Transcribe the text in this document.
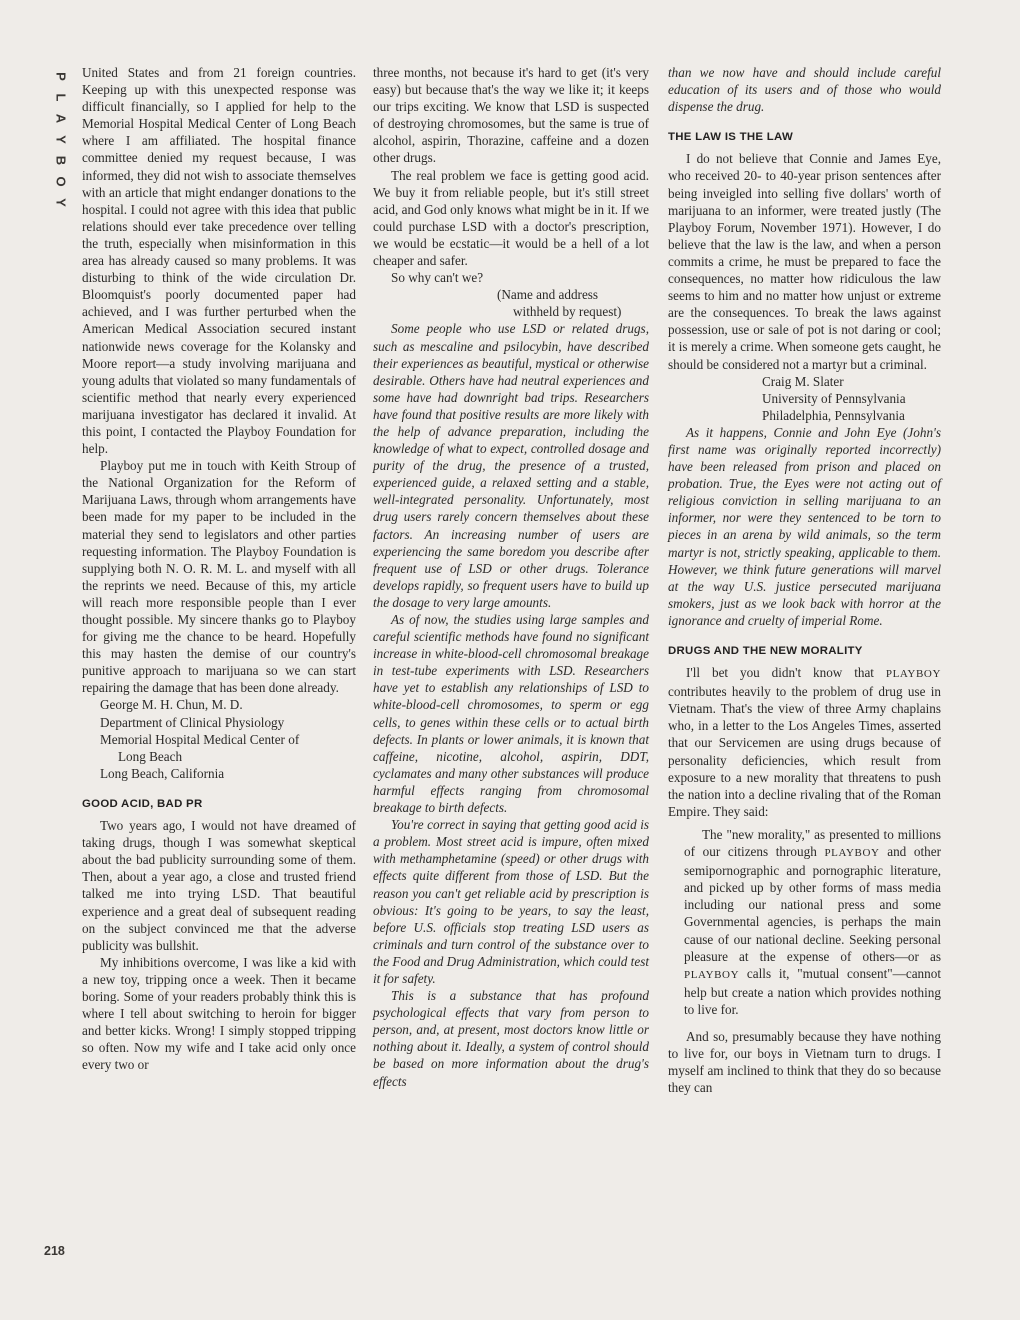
P
L
A
Y
B
O
Y
218

United States and from 21 foreign countries. Keeping up with this unexpected response was difficult financially, so I applied for help to the Memorial Hospital Medical Center of Long Beach where I am affiliated. The hospital finance committee denied my request because, I was informed, they did not wish to associate themselves with an article that might endanger donations to the hospital. I could not agree with this idea that public relations should ever take precedence over telling the truth, especially when misinformation in this area has already caused so many problems. It was disturbing to think of the wide circulation Dr. Bloomquist's poorly documented paper had achieved, and I was further perturbed when the American Medical Association secured instant nationwide news coverage for the Kolansky and Moore report—a study involving marijuana and young adults that violated so many fundamentals of scientific method that nearly every experienced marijuana investigator has declared it invalid. At this point, I contacted the Playboy Foundation for help.

Playboy put me in touch with Keith Stroup of the National Organization for the Reform of Marijuana Laws, through whom arrangements have been made for my paper to be included in the material they send to legislators and other parties requesting information. The Playboy Foundation is supplying both N. O. R. M. L. and myself with all the reprints we need. Because of this, my article will reach more responsible people than I ever thought possible. My sincere thanks go to Playboy for giving me the chance to be heard. Hopefully this may hasten the demise of our country's punitive approach to marijuana so we can start repairing the damage that has been done already.

George M. H. Chun, M. D.
Department of Clinical Physiology
Memorial Hospital Medical Center of
Long Beach
Long Beach, California
GOOD ACID, BAD PR

Two years ago, I would not have dreamed of taking drugs, though I was somewhat skeptical about the bad publicity surrounding some of them. Then, about a year ago, a close and trusted friend talked me into trying LSD. That beautiful experience and a great deal of subsequent reading on the subject convinced me that the adverse publicity was bullshit.

My inhibitions overcome, I was like a kid with a new toy, tripping once a week. Then it became boring. Some of your readers probably think this is where I tell about switching to heroin for bigger and better kicks. Wrong! I simply stopped tripping so often. Now my wife and I take acid only once every two or

three months, not because it's hard to get (it's very easy) but because that's the way we like it; it keeps our trips exciting. We know that LSD is suspected of destroying chromosomes, but the same is true of alcohol, aspirin, Thorazine, caffeine and a dozen other drugs.

The real problem we face is getting good acid. We buy it from reliable people, but it's still street acid, and God only knows what might be in it. If we could purchase LSD with a doctor's prescription, we would be ecstatic—it would be a hell of a lot cheaper and safer.

So why can't we?

(Name and address
withheld by request)

Some people who use LSD or related drugs, such as mescaline and psilocybin, have described their experiences as beautiful, mystical or otherwise desirable. Others have had neutral experiences and some have had downright bad trips. Researchers have found that positive results are more likely with the help of advance preparation, including the knowledge of what to expect, controlled dosage and purity of the drug, the presence of a trusted, experienced guide, a relaxed setting and a stable, well-integrated personality. Unfortunately, most drug users rarely concern themselves about these factors. An increasing number of users are experiencing the same boredom you describe after frequent use of LSD or other drugs. Tolerance develops rapidly, so frequent users have to build up the dosage to very large amounts.

As of now, the studies using large samples and careful scientific methods have found no significant increase in white-blood-cell chromosomal breakage in test-tube experiments with LSD. Researchers have yet to establish any relationships of LSD to white-blood-cell chromosomes, to sperm or egg cells, to genes within these cells or to actual birth defects. In plants or lower animals, it is known that caffeine, nicotine, alcohol, aspirin, DDT, cyclamates and many other substances will produce harmful effects ranging from chromosomal breakage to birth defects.

You're correct in saying that getting good acid is a problem. Most street acid is impure, often mixed with methamphetamine (speed) or other drugs with effects quite different from those of LSD. But the reason you can't get reliable acid by prescription is obvious: It's going to be years, to say the least, before U.S. officials stop treating LSD users as criminals and turn control of the substance over to the Food and Drug Administration, which could test it for safety.

This is a substance that has profound psychological effects that vary from person to person, and, at present, most doctors know little or nothing about it. Ideally, a system of control should be based on more information about the drug's effects

than we now have and should include careful education of its users and of those who would dispense the drug.

THE LAW IS THE LAW

I do not believe that Connie and James Eye, who received 20- to 40-year prison sentences after being inveigled into selling five dollars' worth of marijuana to an informer, were treated justly (The Playboy Forum, November 1971). However, I do believe that the law is the law, and when a person commits a crime, he must be prepared to face the consequences, no matter how ridiculous the law seems to him and no matter how unjust or extreme are the consequences. To break the laws against possession, use or sale of pot is not daring or cool; it is merely a crime. When someone gets caught, he should be considered not a martyr but a criminal.

Craig M. Slater
University of Pennsylvania
Philadelphia, Pennsylvania

As it happens, Connie and John Eye (John's first name was originally reported incorrectly) have been released from prison and placed on probation. True, the Eyes were not acting out of religious conviction in selling marijuana to an informer, nor were they sentenced to be torn to pieces in an arena by wild animals, so the term martyr is not, strictly speaking, applicable to them. However, we think future generations will marvel at the way U.S. justice persecuted marijuana smokers, just as we look back with horror at the ignorance and cruelty of imperial Rome.

DRUGS AND THE NEW MORALITY

I'll bet you didn't know that PLAYBOY contributes heavily to the problem of drug use in Vietnam. That's the view of three Army chaplains who, in a letter to the Los Angeles Times, asserted that our Servicemen are using drugs because of personality deficiencies, which result from exposure to a new morality that threatens to push the nation into a decline rivaling that of the Roman Empire. They said:

The "new morality," as presented to millions of our citizens through PLAYBOY and other semipornographic and pornographic literature, and picked up by other forms of mass media including our national press and some Governmental agencies, is perhaps the main cause of our national decline. Seeking personal pleasure at the expense of others—or as PLAYBOY calls it, "mutual consent"—cannot help but create a nation which provides nothing to live for.

And so, presumably because they have nothing to live for, our boys in Vietnam turn to drugs. I myself am inclined to think that they do so because they can
